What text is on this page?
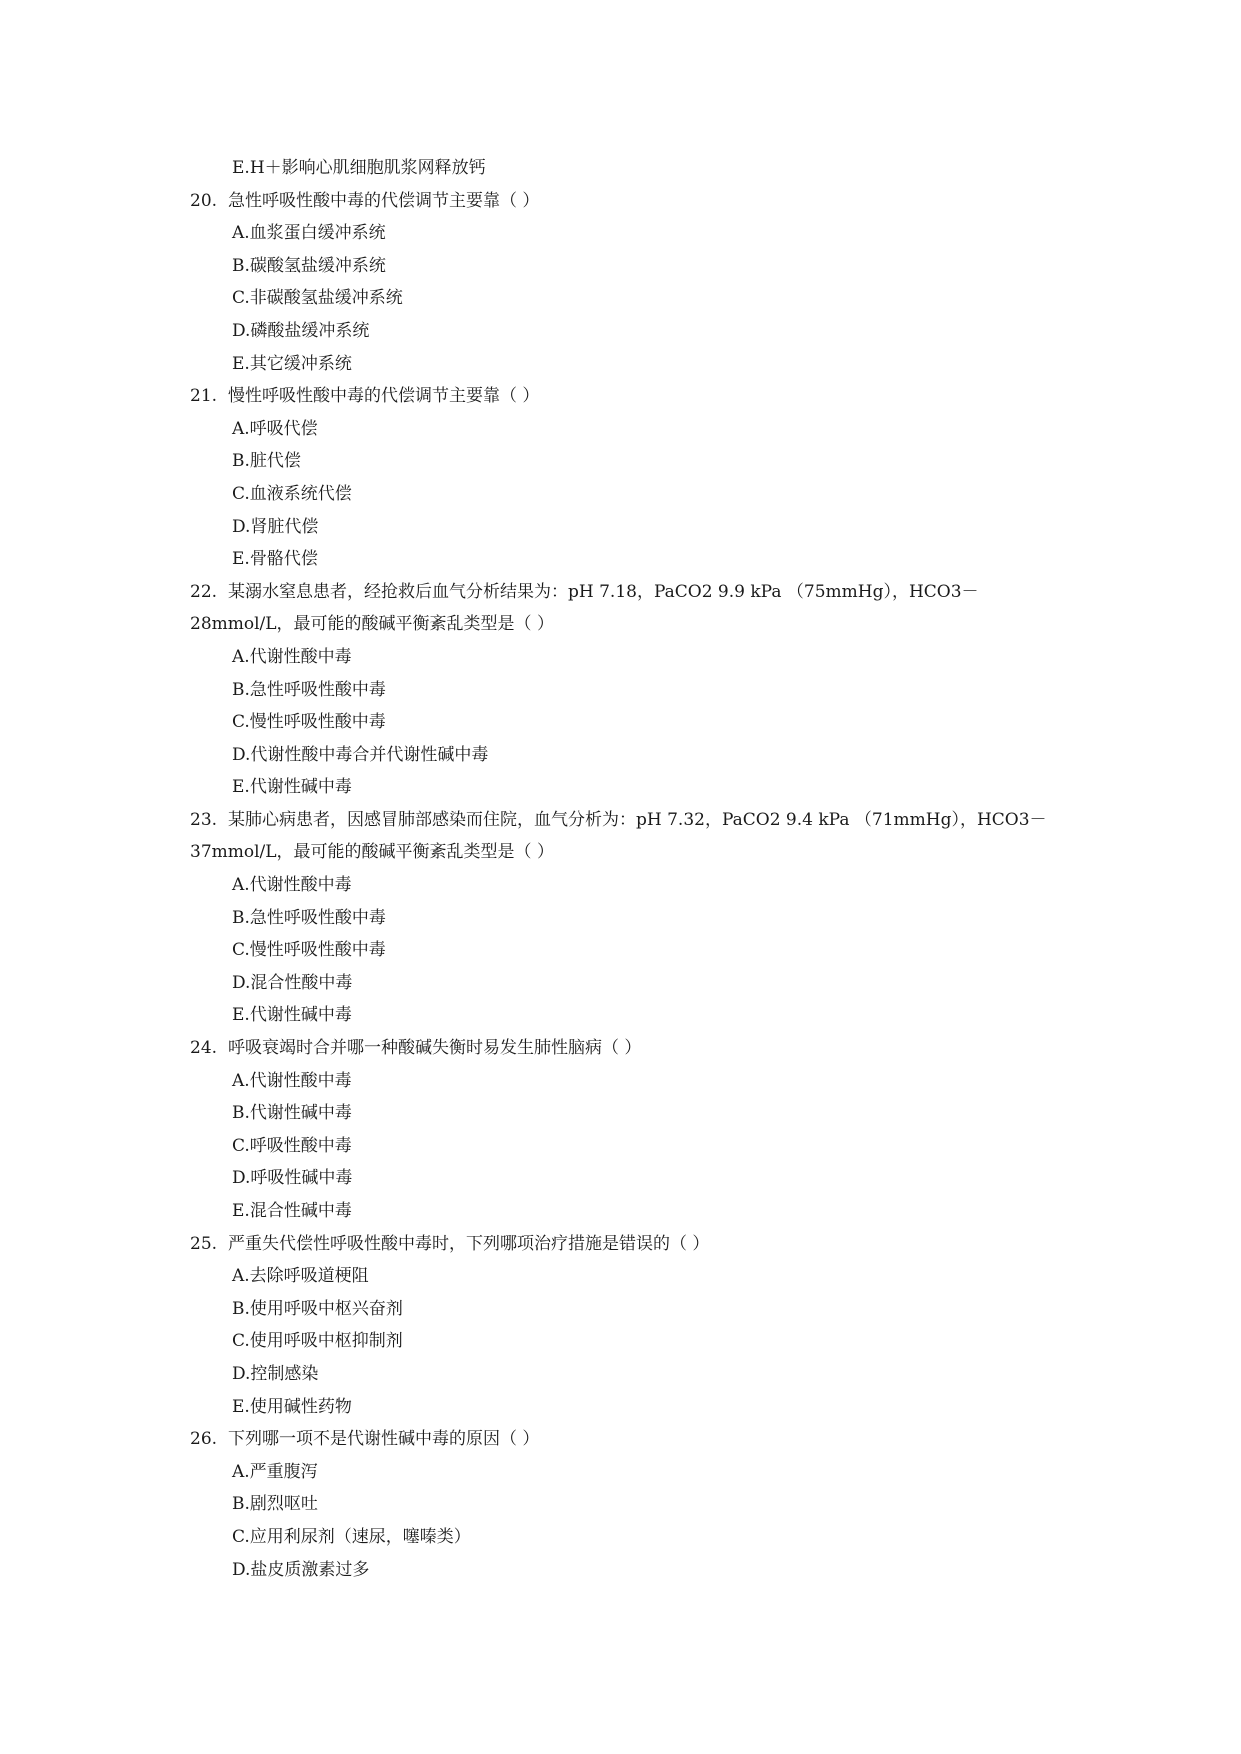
E.H＋影响心肌细胞肌浆网释放钙
20. 急性呼吸性酸中毒的代偿调节主要靠（ ）
A.血浆蛋白缓冲系统
B.碳酸氢盐缓冲系统
C.非碳酸氢盐缓冲系统
D.磷酸盐缓冲系统
E.其它缓冲系统
21. 慢性呼吸性酸中毒的代偿调节主要靠（ ）
A.呼吸代偿
B.脏代偿
C.血液系统代偿
D.肾脏代偿
E.骨骼代偿
22. 某溺水窒息患者，经抢救后血气分析结果为：pH 7.18，PaCO2 9.9 kPa （75mmHg），HCO3－
28mmol/L，最可能的酸碱平衡紊乱类型是（ ）
A.代谢性酸中毒
B.急性呼吸性酸中毒
C.慢性呼吸性酸中毒
D.代谢性酸中毒合并代谢性碱中毒
E.代谢性碱中毒
23. 某肺心病患者，因感冒肺部感染而住院，血气分析为：pH 7.32，PaCO2 9.4 kPa （71mmHg），HCO3－
37mmol/L，最可能的酸碱平衡紊乱类型是（ ）
A.代谢性酸中毒
B.急性呼吸性酸中毒
C.慢性呼吸性酸中毒
D.混合性酸中毒
E.代谢性碱中毒
24. 呼吸衰竭时合并哪一种酸碱失衡时易发生肺性脑病（ ）
A.代谢性酸中毒
B.代谢性碱中毒
C.呼吸性酸中毒
D.呼吸性碱中毒
E.混合性碱中毒
25. 严重失代偿性呼吸性酸中毒时，下列哪项治疗措施是错误的（ ）
A.去除呼吸道梗阻
B.使用呼吸中枢兴奋剂
C.使用呼吸中枢抑制剂
D.控制感染
E.使用碱性药物
26. 下列哪一项不是代谢性碱中毒的原因（ ）
A.严重腹泻
B.剧烈呕吐
C.应用利尿剂（速尿，噻嗪类）
D.盐皮质激素过多
